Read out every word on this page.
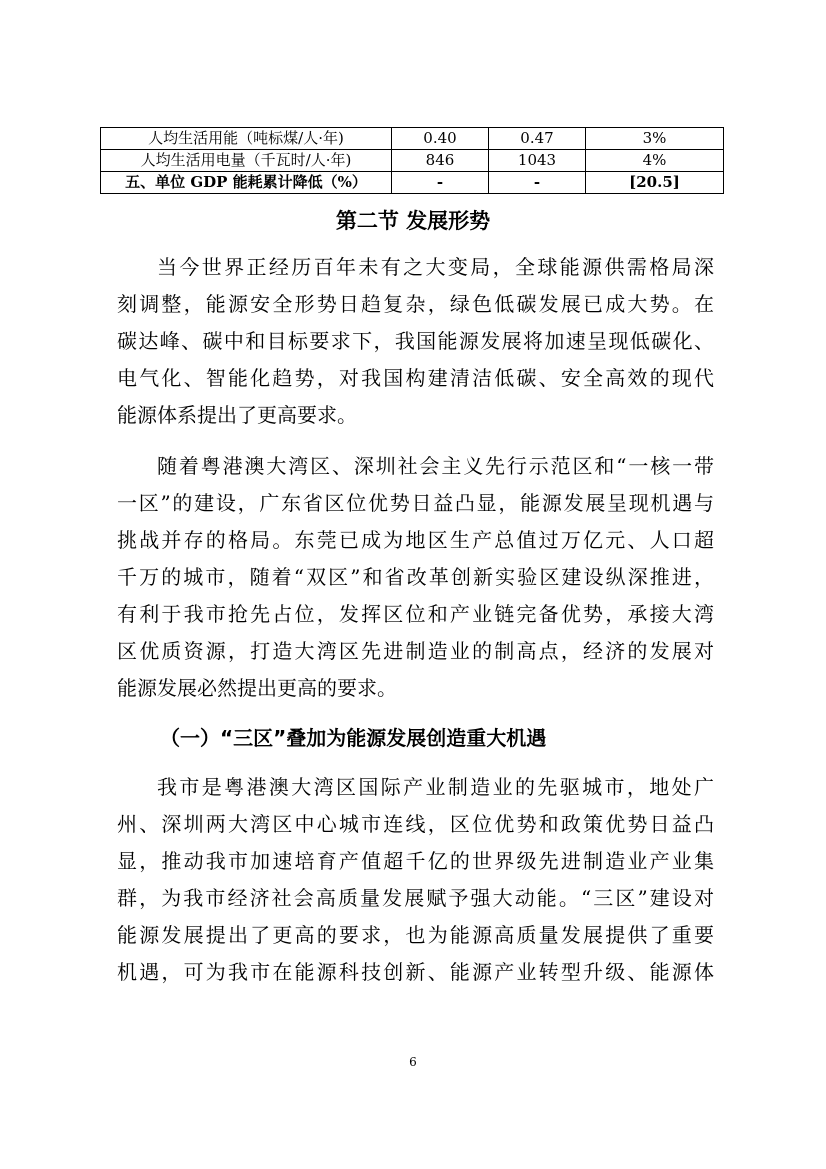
人均生活用能（吨标煤/人·年)	0.40	0.47	3%
人均生活用电量（千瓦时/人·年)	846	1043	4%
五、单位 GDP 能耗累计降低（%）	-	-	[20.5]
第二节 发展形势
当今世界正经历百年未有之大变局，全球能源供需格局深
刻调整，能源安全形势日趋复杂，绿色低碳发展已成大势。在
碳达峰、碳中和目标要求下，我国能源发展将加速呈现低碳化、
电气化、智能化趋势，对我国构建清洁低碳、安全高效的现代
能源体系提出了更高要求。
随着粤港澳大湾区、深圳社会主义先行示范区和“一核一带
一区”的建设，广东省区位优势日益凸显，能源发展呈现机遇与
挑战并存的格局。东莞已成为地区生产总值过万亿元、人口超
千万的城市，随着“双区”和省改革创新实验区建设纵深推进，
有利于我市抢先占位，发挥区位和产业链完备优势，承接大湾
区优质资源，打造大湾区先进制造业的制高点，经济的发展对
能源发展必然提出更高的要求。
（一）“三区”叠加为能源发展创造重大机遇
我市是粤港澳大湾区国际产业制造业的先驱城市，地处广
州、深圳两大湾区中心城市连线，区位优势和政策优势日益凸
显，推动我市加速培育产值超千亿的世界级先进制造业产业集
群，为我市经济社会高质量发展赋予强大动能。“三区”建设对
能源发展提出了更高的要求，也为能源高质量发展提供了重要
机遇，可为我市在能源科技创新、能源产业转型升级、能源体
6
